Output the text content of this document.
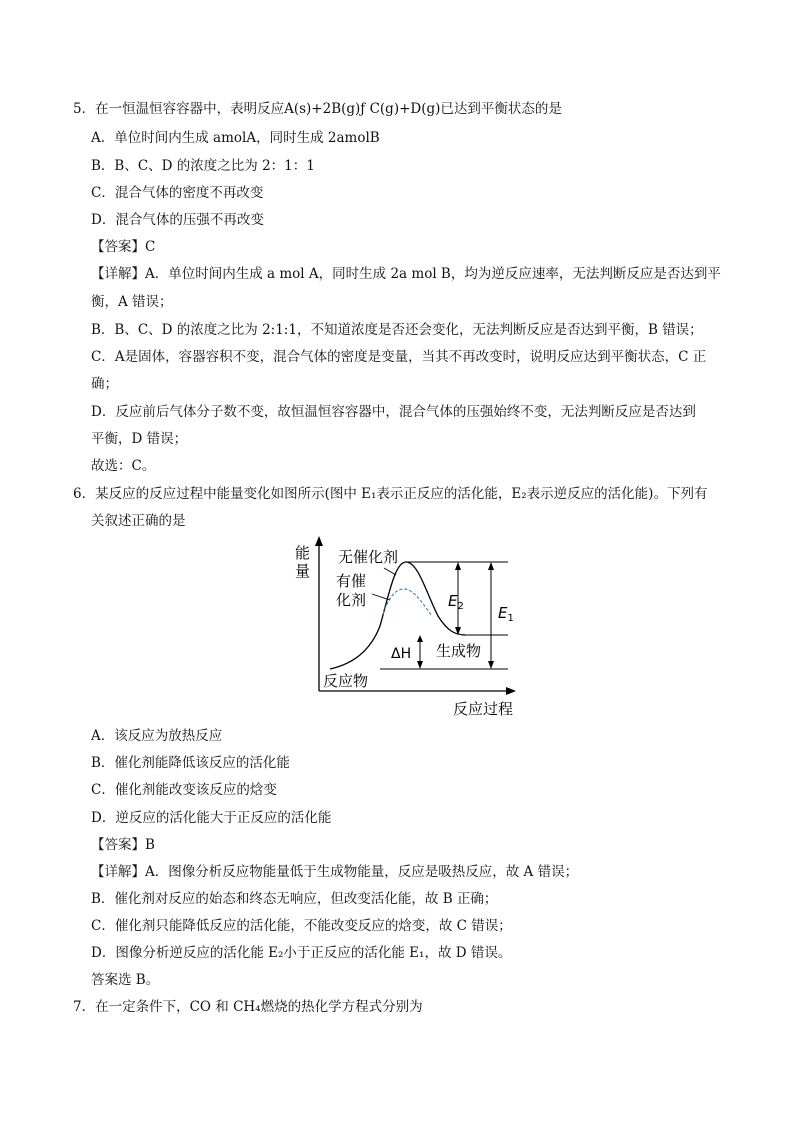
5．在一恒温恒容容器中，表明反应A(s)+2B(g)ƒ C(g)+D(g)已达到平衡状态的是
A．单位时间内生成 amolA，同时生成 2amolB
B．B、C、D 的浓度之比为 2：1：1
C．混合气体的密度不再改变
D．混合气体的压强不再改变
【答案】C
【详解】A．单位时间内生成 a mol A，同时生成 2a mol B，均为逆反应速率，无法判断反应是否达到平
衡，A 错误；
B．B、C、D 的浓度之比为 2:1:1，不知道浓度是否还会变化，无法判断反应是否达到平衡，B 错误；
C．A是固体，容器容积不变，混合气体的密度是变量，当其不再改变时，说明反应达到平衡状态，C 正
确；
D．反应前后气体分子数不变，故恒温恒容容器中，混合气体的压强始终不变，无法判断反应是否达到
平衡，D 错误；
故选：C。
6．某反应的反应过程中能量变化如图所示(图中 E₁表示正反应的活化能，E₂表示逆反应的活化能)。下列有
关叙述正确的是
能
量
无催化剂
有催
化剂	$E_2$ $E_1$
ΔH 生成物
反应物
反应过程
A．该反应为放热反应
B．催化剂能降低该反应的活化能
C．催化剂能改变该反应的焓变
D．逆反应的活化能大于正反应的活化能
【答案】B
【详解】A．图像分析反应物能量低于生成物能量，反应是吸热反应，故 A 错误；
B．催化剂对反应的始态和终态无响应，但改变活化能，故 B 正确；
C．催化剂只能降低反应的活化能，不能改变反应的焓变，故 C 错误；
D．图像分析逆反应的活化能 E₂小于正反应的活化能 E₁，故 D 错误。
答案选 B。
7．在一定条件下，CO 和 CH₄燃烧的热化学方程式分别为
